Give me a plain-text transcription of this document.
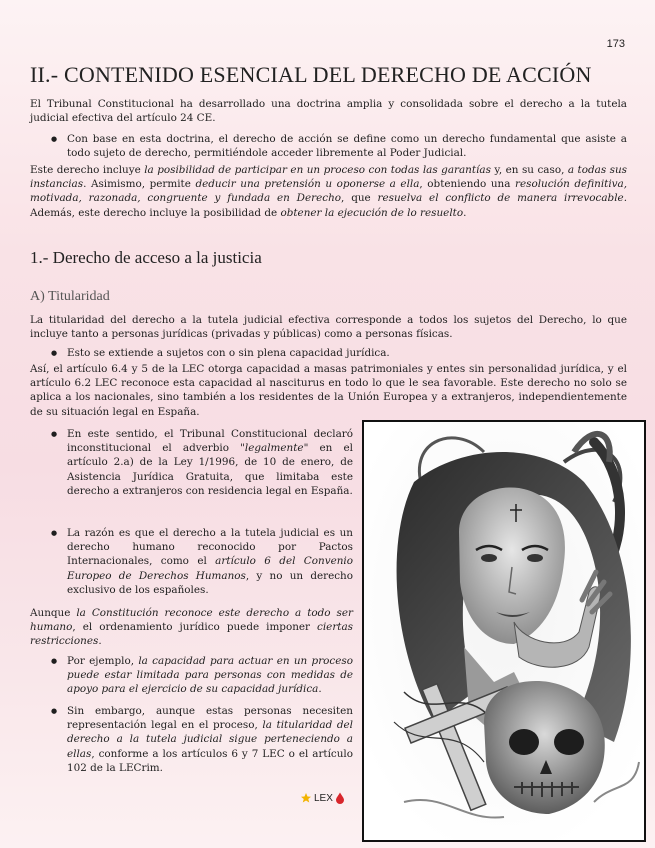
173
II.- CONTENIDO ESENCIAL DEL DERECHO DE ACCIÓN

El Tribunal Constitucional ha desarrollado una doctrina amplia y consolidada sobre el derecho a la tutela judicial efectiva del artículo 24 CE.

● Con base en esta doctrina, el derecho de acción se define como un derecho fundamental que asiste a todo sujeto de derecho, permitiéndole acceder libremente al Poder Judicial.

Este derecho incluye la posibilidad de participar en un proceso con todas las garantías y, en su caso, a todas sus instancias. Asimismo, permite deducir una pretensión u oponerse a ella, obteniendo una resolución definitiva, motivada, razonada, congruente y fundada en Derecho, que resuelva el conflicto de manera irrevocable. Además, este derecho incluye la posibilidad de obtener la ejecución de lo resuelto.

1.- Derecho de acceso a la justicia
A) Titularidad

La titularidad del derecho a la tutela judicial efectiva corresponde a todos los sujetos del Derecho, lo que incluye tanto a personas jurídicas (privadas y públicas) como a personas físicas.

● Esto se extiende a sujetos con o sin plena capacidad jurídica.

Así, el artículo 6.4 y 5 de la LEC otorga capacidad a masas patrimoniales y entes sin personalidad jurídica, y el artículo 6.2 LEC reconoce esta capacidad al nasciturus en todo lo que le sea favorable. Este derecho no solo se aplica a los nacionales, sino también a los residentes de la Unión Europea y a extranjeros, independientemente de su situación legal en España.

● En este sentido, el Tribunal Constitucional declaró inconstitucional el adverbio "legalmente" en el artículo 2.a) de la Ley 1/1996, de 10 de enero, de Asistencia Jurídica Gratuita, que limitaba este derecho a extranjeros con residencia legal en España.

● La razón es que el derecho a la tutela judicial es un derecho humano reconocido por Pactos Internacionales, como el artículo 6 del Convenio Europeo de Derechos Humanos, y no un derecho exclusivo de los españoles.

Aunque la Constitución reconoce este derecho a todo ser humano, el ordenamiento jurídico puede imponer ciertas restricciones.

● Por ejemplo, la capacidad para actuar en un proceso puede estar limitada para personas con medidas de apoyo para el ejercicio de su capacidad jurídica.

● Sin embargo, aunque estas personas necesiten representación legal en el proceso, la titularidad del derecho a la tutela judicial sigue perteneciendo a ellas, conforme a los artículos 6 y 7 LEC o el artículo 102 de la LECrim.

LEX
